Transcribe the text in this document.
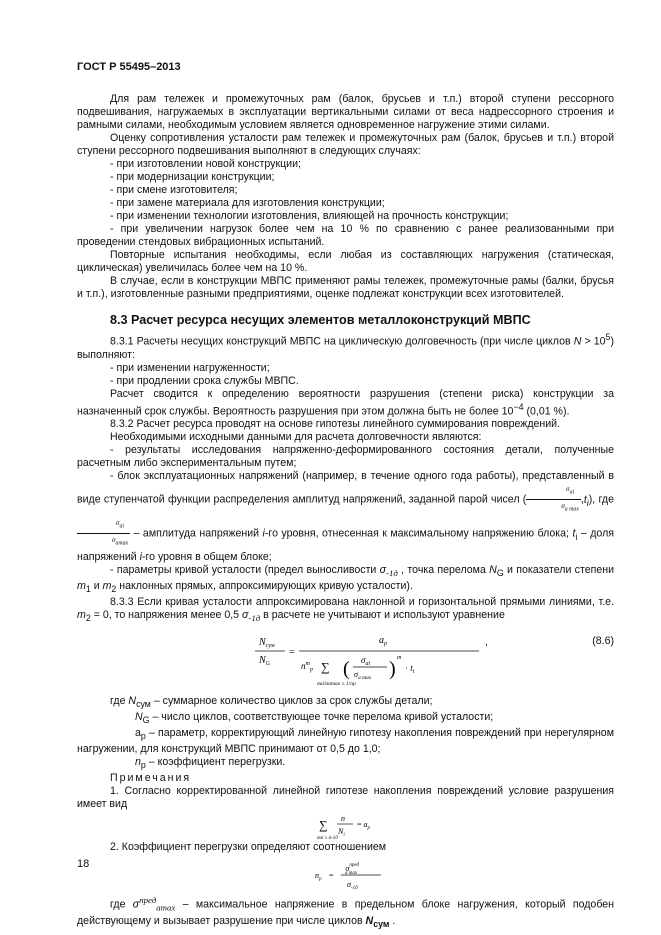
ГОСТ Р 55495–2013

Для рам тележек и промежуточных рам (балок, брусьев и т.п.) второй ступени рессорного подвешивания, нагружаемых в эксплуатации вертикальными силами от веса надрессорного строения и рамными силами, необходимым условием является одновременное нагружение этими силами.

Оценку сопротивления усталости рам тележек и промежуточных рам (балок, брусьев и т.п.) второй ступени рессорного подвешивания выполняют в следующих случаях:

- при изготовлении новой конструкции;

- при модернизации конструкции;

- при смене изготовителя;

- при замене материала для изготовления конструкции;

- при изменении технологии изготовления, влияющей на прочность конструкции;

- при увеличении нагрузок более чем на 10 % по сравнению с ранее реализованными при проведении стендовых вибрационных испытаний.

Повторные испытания необходимы, если любая из составляющих нагружения (статическая, циклическая) увеличилась более чем на 10 %.

В случае, если в конструкции МВПС применяют рамы тележек, промежуточные рамы (балки, брусья и т.п.), изготовленные разными предприятиями, оценке подлежат конструкции всех изготовителей.

8.3 Расчет ресурса несущих элементов металлоконструкций МВПС

8.3.1 Расчеты несущих конструкций МВПС на циклическую долговечность (при числе циклов $N > 10^5$) выполняют:

- при изменении нагруженности;

- при продлении срока службы МВПС.

Расчет сводится к определению вероятности разрушения (степени риска) конструкции за назначенный срок службы. Вероятность разрушения при этом должна быть не более $10^{-4}$ (0,01 %).

8.3.2 Расчет ресурса проводят на основе гипотезы линейного суммирования повреждений.

Необходимыми исходными данными для расчета долговечности являются:

- результаты исследования напряженно-деформированного состояния детали, полученные расчетным либо экспериментальным путем;

- блок эксплуатационных напряжений (например, в течение одного года работы), представленный в виде ступенчатой функции распределения амплитуд напряжений, заданной парой чисел ( $\frac{\sigma_{ai}}{\sigma_{a max}} ,t_i$), где
$\frac{\sigma_{ai}}{\sigma_{amax}}$ – амплитуда напряжений i-го уровня, отнесенная к максимальному напряжению блока; $t_i$ – доля напряжений i-го уровня в общем блоке;

- параметры кривой усталости (предел выносливости $\sigma_{-1д}$ , точка перелома $N_G$ и показатели степени $m_1$ и $m_2$ наклонных прямых, аппроксимирующих кривую усталости).

8.3.3 Если кривая усталости аппроксимирована наклонной и горизонтальной прямыми линиями, т.е. $m_2 = 0$, то напряжения менее 0,5 $\sigma_{-1д}$ в расчете не учитывают и используют уравнение

$N_{сум}$
$N_G$
=
$a_p$
$n^m_p$ ∑
σai/σamax ≥ 1/np
( $\sigma_{ai}$
$\sigma_{a max}$ ) m
· $t_i$
,	(8.6)

где $N_{сум}$ – суммарное количество циклов за срок службы детали;

$N_G$ – число циклов, соответствующее точке перелома кривой усталости;

$a_p$ – параметр, корректирующий линейную гипотезу накопления повреждений при нерегулярном нагружении, для конструкций МВПС принимают от 0,5 до 1,0;

$n_p$ – коэффициент перегрузки.

Примечания

1. Согласно корректированной линейной гипотезе накопления повреждений условие разрушения имеет вид

∑
σai ≥ σ-1д
n
$N_i$
= $a_p$

2. Коэффициент перегрузки определяют соотношением

$n_p$ =
$\sigma^{пред}$ a max
$\sigma_{-1д}$

где $\sigma^{пред}_{amax}$ – максимальное напряжение в предельном блоке нагружения, который подобен действующему и вызывает разрушение при числе циклов $N_{сум}$ .

18
